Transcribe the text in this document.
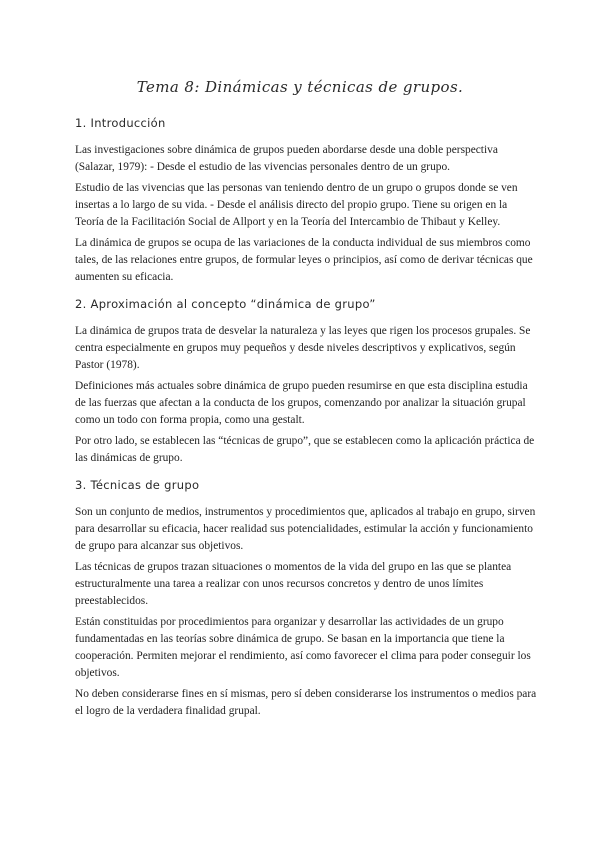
Tema 8: Dinámicas y técnicas de grupos.
1. Introducción

Las investigaciones sobre dinámica de grupos pueden abordarse desde una doble perspectiva (Salazar, 1979): - Desde el estudio de las vivencias personales dentro de un grupo.

Estudio de las vivencias que las personas van teniendo dentro de un grupo o grupos donde se ven insertas a lo largo de su vida. - Desde el análisis directo del propio grupo. Tiene su origen en la Teoría de la Facilitación Social de Allport y en la Teoría del Intercambio de Thibaut y Kelley.

La dinámica de grupos se ocupa de las variaciones de la conducta individual de sus miembros como tales, de las relaciones entre grupos, de formular leyes o principios, así como de derivar técnicas que aumenten su eficacia.

2. Aproximación al concepto “dinámica de grupo”

La dinámica de grupos trata de desvelar la naturaleza y las leyes que rigen los procesos grupales. Se centra especialmente en grupos muy pequeños y desde niveles descriptivos y explicativos, según Pastor (1978).

Definiciones más actuales sobre dinámica de grupo pueden resumirse en que esta disciplina estudia de las fuerzas que afectan a la conducta de los grupos, comenzando por analizar la situación grupal como un todo con forma propia, como una gestalt.

Por otro lado, se establecen las “técnicas de grupo”, que se establecen como la aplicación práctica de las dinámicas de grupo.

3. Técnicas de grupo

Son un conjunto de medios, instrumentos y procedimientos que, aplicados al trabajo en grupo, sirven para desarrollar su eficacia, hacer realidad sus potencialidades, estimular la acción y funcionamiento de grupo para alcanzar sus objetivos.

Las técnicas de grupos trazan situaciones o momentos de la vida del grupo en las que se plantea estructuralmente una tarea a realizar con unos recursos concretos y dentro de unos límites preestablecidos.

Están constituidas por procedimientos para organizar y desarrollar las actividades de un grupo fundamentadas en las teorías sobre dinámica de grupo. Se basan en la importancia que tiene la cooperación. Permiten mejorar el rendimiento, así como favorecer el clima para poder conseguir los objetivos.

No deben considerarse fines en sí mismas, pero sí deben considerarse los instrumentos o medios para el logro de la verdadera finalidad grupal.
